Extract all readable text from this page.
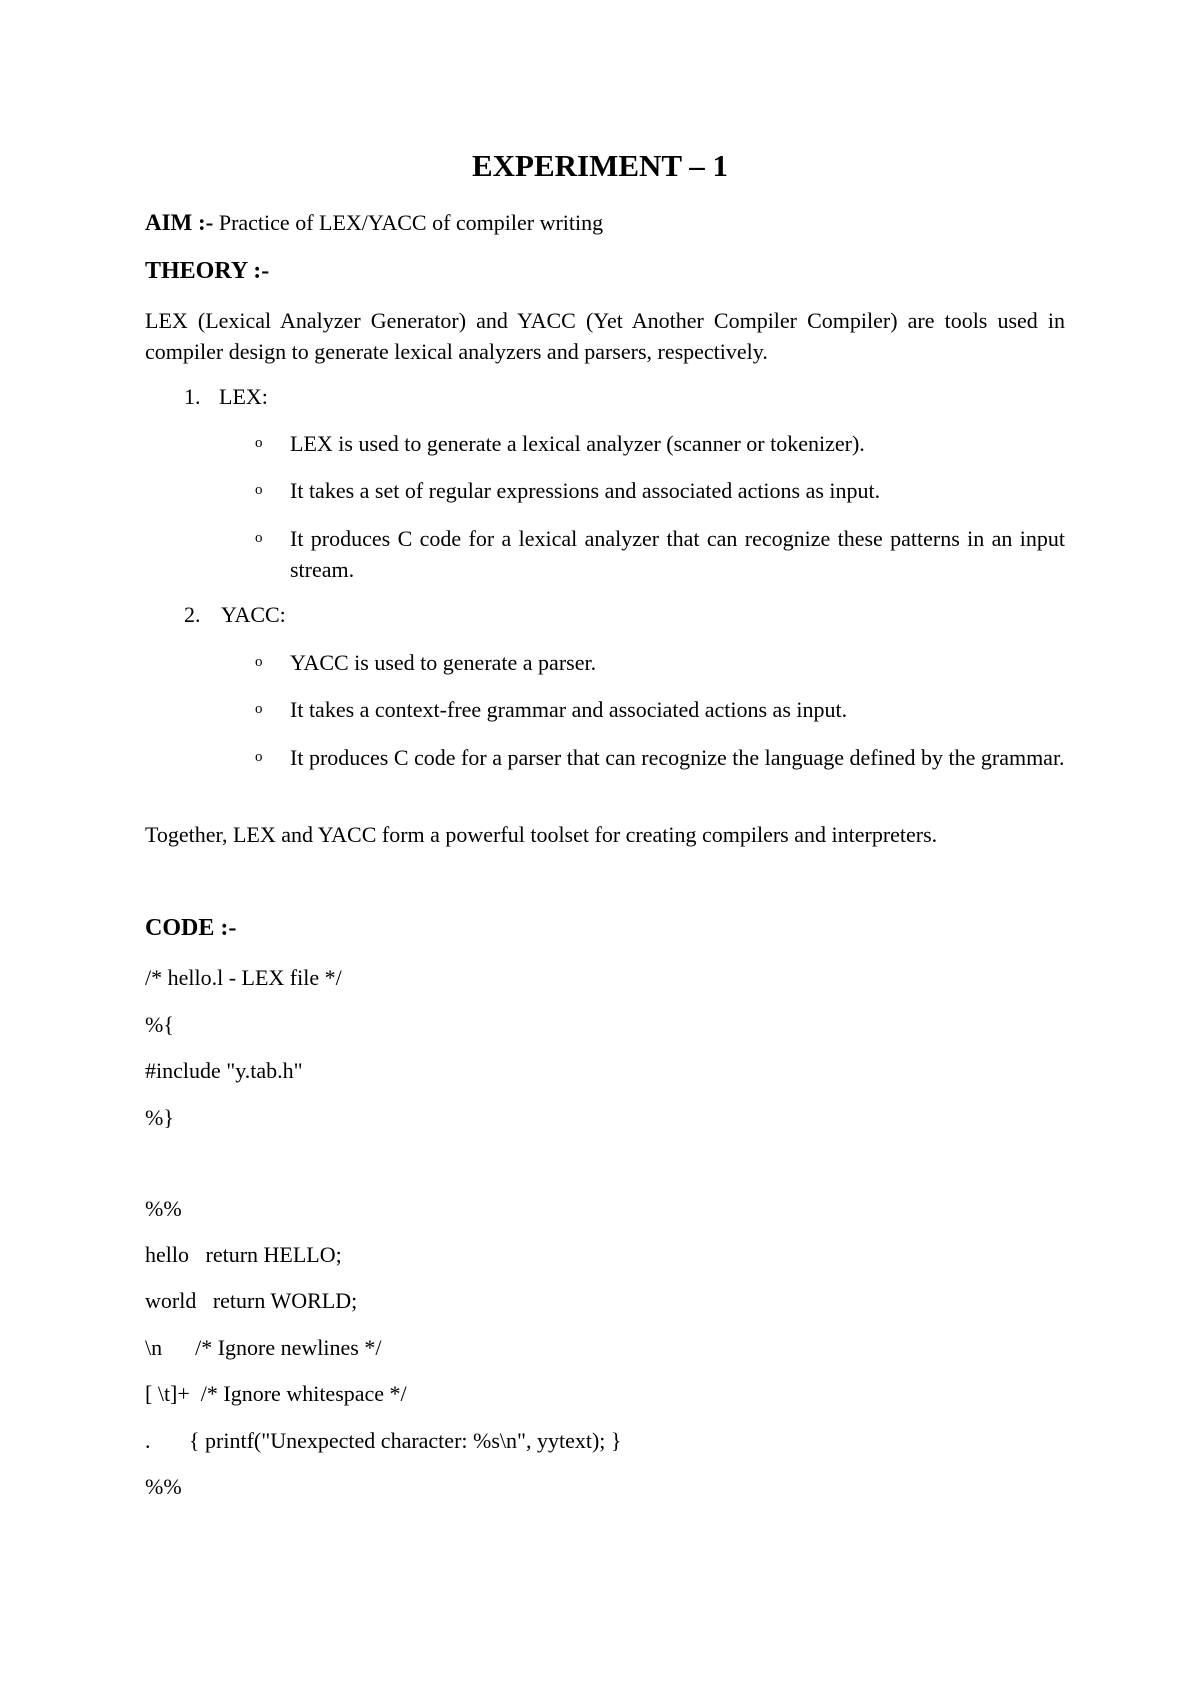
EXPERIMENT – 1
AIM :- Practice of LEX/YACC of compiler writing
THEORY :-
LEX (Lexical Analyzer Generator) and YACC (Yet Another Compiler Compiler) are tools used in compiler design to generate lexical analyzers and parsers, respectively.
1. LEX:
o LEX is used to generate a lexical analyzer (scanner or tokenizer).
o It takes a set of regular expressions and associated actions as input.
o It produces C code for a lexical analyzer that can recognize these patterns in an input stream.
2. YACC:
o YACC is used to generate a parser.
o It takes a context-free grammar and associated actions as input.
o It produces C code for a parser that can recognize the language defined by the grammar.
Together, LEX and YACC form a powerful toolset for creating compilers and interpreters.
CODE :-
/* hello.l - LEX file */
%{
#include "y.tab.h"
%}
%%
hello   return HELLO;
world   return WORLD;
\n      /* Ignore newlines */
[ \t]+  /* Ignore whitespace */
.       { printf("Unexpected character: %s\n", yytext); }
%%
